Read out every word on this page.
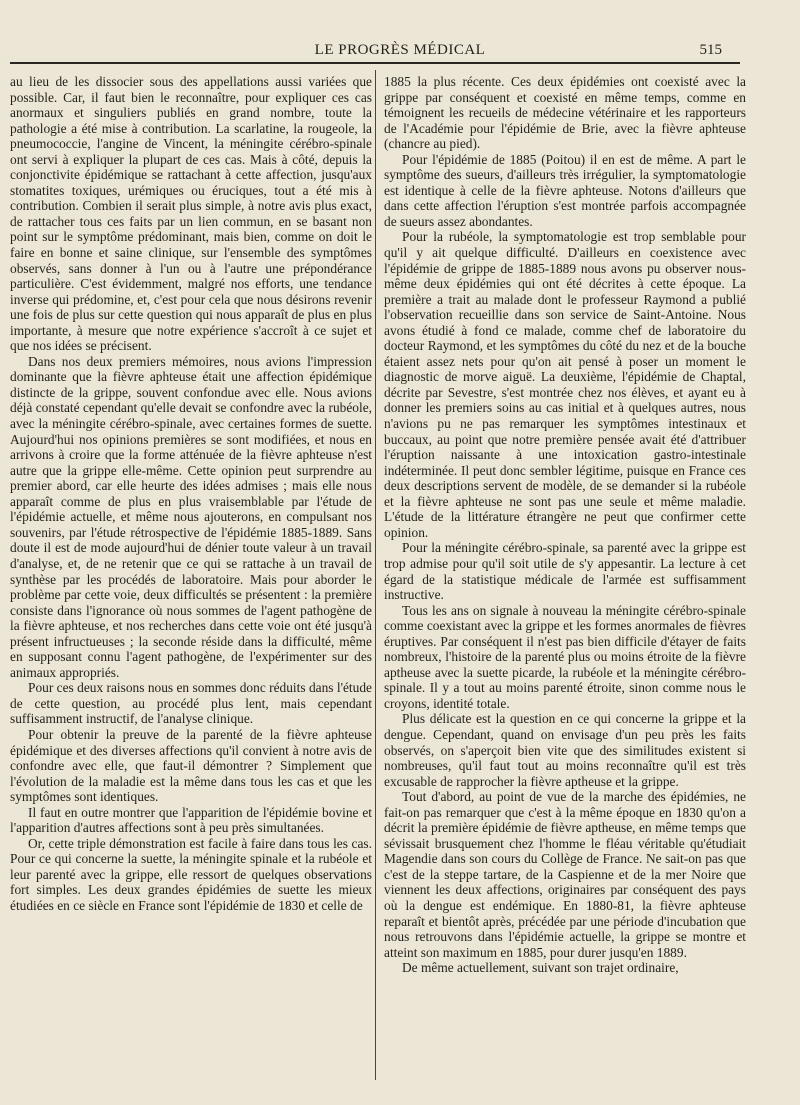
LE PROGRÈS MÉDICAL	515

au lieu de les dissocier sous des appellations aussi variées que possible. Car, il faut bien le reconnaître, pour expliquer ces cas anormaux et singuliers publiés en grand nombre, toute la pathologie a été mise à contribution. La scarlatine, la rougeole, la pneumococcie, l'angine de Vincent, la méningite cérébro-spinale ont servi à expliquer la plupart de ces cas. Mais à côté, depuis la conjonctivite épidémique se rattachant à cette affection, jusqu'aux stomatites toxiques, urémiques ou éruciques, tout a été mis à contribution. Combien il serait plus simple, à notre avis plus exact, de rattacher tous ces faits par un lien commun, en se basant non point sur le symptôme prédominant, mais bien, comme on doit le faire en bonne et saine clinique, sur l'ensemble des symptômes observés, sans donner à l'un ou à l'autre une prépondérance particulière. C'est évidemment, malgré nos efforts, une tendance inverse qui prédomine, et, c'est pour cela que nous désirons revenir une fois de plus sur cette question qui nous apparaît de plus en plus importante, à mesure que notre expérience s'accroît à ce sujet et que nos idées se précisent.

Dans nos deux premiers mémoires, nous avions l'impression dominante que la fièvre aphteuse était une affection épidémique distincte de la grippe, souvent confondue avec elle. Nous avions déjà constaté cependant qu'elle devait se confondre avec la rubéole, avec la méningite cérébro-spinale, avec certaines formes de suette. Aujourd'hui nos opinions premières se sont modifiées, et nous en arrivons à croire que la forme atténuée de la fièvre aphteuse n'est autre que la grippe elle-même. Cette opinion peut surprendre au premier abord, car elle heurte des idées admises ; mais elle nous apparaît comme de plus en plus vraisemblable par l'étude de l'épidémie actuelle, et même nous ajouterons, en compulsant nos souvenirs, par l'étude rétrospective de l'épidémie 1885-1889. Sans doute il est de mode aujourd'hui de dénier toute valeur à un travail d'analyse, et, de ne retenir que ce qui se rattache à un travail de synthèse par les procédés de laboratoire. Mais pour aborder le problème par cette voie, deux difficultés se présentent : la première consiste dans l'ignorance où nous sommes de l'agent pathogène de la fièvre aphteuse, et nos recherches dans cette voie ont été jusqu'à présent infructueuses ; la seconde réside dans la difficulté, même en supposant connu l'agent pathogène, de l'expérimenter sur des animaux appropriés.

Pour ces deux raisons nous en sommes donc réduits dans l'étude de cette question, au procédé plus lent, mais cependant suffisamment instructif, de l'analyse clinique.

Pour obtenir la preuve de la parenté de la fièvre aphteuse épidémique et des diverses affections qu'il convient à notre avis de confondre avec elle, que faut-il démontrer ? Simplement que l'évolution de la maladie est la même dans tous les cas et que les symptômes sont identiques.

Il faut en outre montrer que l'apparition de l'épidémie bovine et l'apparition d'autres affections sont à peu près simultanées.

Or, cette triple démonstration est facile à faire dans tous les cas. Pour ce qui concerne la suette, la méningite spinale et la rubéole et leur parenté avec la grippe, elle ressort de quelques observations fort simples. Les deux grandes épidémies de suette les mieux étudiées en ce siècle en France sont l'épidémie de 1830 et celle de

1885 la plus récente. Ces deux épidémies ont coexisté avec la grippe par conséquent et coexisté en même temps, comme en témoignent les recueils de médecine vétérinaire et les rapporteurs de l'Académie pour l'épidémie de Brie, avec la fièvre aphteuse (chancre au pied).

Pour l'épidémie de 1885 (Poitou) il en est de même. A part le symptôme des sueurs, d'ailleurs très irrégulier, la symptomatologie est identique à celle de la fièvre aphteuse. Notons d'ailleurs que dans cette affection l'éruption s'est montrée parfois accompagnée de sueurs assez abondantes.

Pour la rubéole, la symptomatologie est trop semblable pour qu'il y ait quelque difficulté. D'ailleurs en coexistence avec l'épidémie de grippe de 1885-1889 nous avons pu observer nous-même deux épidémies qui ont été décrites à cette époque. La première a trait au malade dont le professeur Raymond a publié l'observation recueillie dans son service de Saint-Antoine. Nous avons étudié à fond ce malade, comme chef de laboratoire du docteur Raymond, et les symptômes du côté du nez et de la bouche étaient assez nets pour qu'on ait pensé à poser un moment le diagnostic de morve aiguë. La deuxième, l'épidémie de Chaptal, décrite par Sevestre, s'est montrée chez nos élèves, et ayant eu à donner les premiers soins au cas initial et à quelques autres, nous n'avions pu ne pas remarquer les symptômes intestinaux et buccaux, au point que notre première pensée avait été d'attribuer l'éruption naissante à une intoxication gastro-intestinale indéterminée. Il peut donc sembler légitime, puisque en France ces deux descriptions servent de modèle, de se demander si la rubéole et la fièvre aphteuse ne sont pas une seule et même maladie. L'étude de la littérature étrangère ne peut que confirmer cette opinion.

Pour la méningite cérébro-spinale, sa parenté avec la grippe est trop admise pour qu'il soit utile de s'y appesantir. La lecture à cet égard de la statistique médicale de l'armée est suffisamment instructive.

Tous les ans on signale à nouveau la méningite cérébro-spinale comme coexistant avec la grippe et les formes anormales de fièvres éruptives. Par conséquent il n'est pas bien difficile d'étayer de faits nombreux, l'histoire de la parenté plus ou moins étroite de la fièvre aptheuse avec la suette picarde, la rubéole et la méningite cérébro-spinale. Il y a tout au moins parenté étroite, sinon comme nous le croyons, identité totale.

Plus délicate est la question en ce qui concerne la grippe et la dengue. Cependant, quand on envisage d'un peu près les faits observés, on s'aperçoit bien vite que des similitudes existent si nombreuses, qu'il faut tout au moins reconnaître qu'il est très excusable de rapprocher la fièvre aptheuse et la grippe.

Tout d'abord, au point de vue de la marche des épidémies, ne fait-on pas remarquer que c'est à la même époque en 1830 qu'on a décrit la première épidémie de fièvre aptheuse, en même temps que sévissait brusquement chez l'homme le fléau véritable qu'étudiait Magendie dans son cours du Collège de France. Ne sait-on pas que c'est de la steppe tartare, de la Caspienne et de la mer Noire que viennent les deux affections, originaires par conséquent des pays où la dengue est endémique. En 1880-81, la fièvre aphteuse reparaît et bientôt après, précédée par une période d'incubation que nous retrouvons dans l'épidémie actuelle, la grippe se montre et atteint son maximum en 1885, pour durer jusqu'en 1889.

De même actuellement, suivant son trajet ordinaire,
